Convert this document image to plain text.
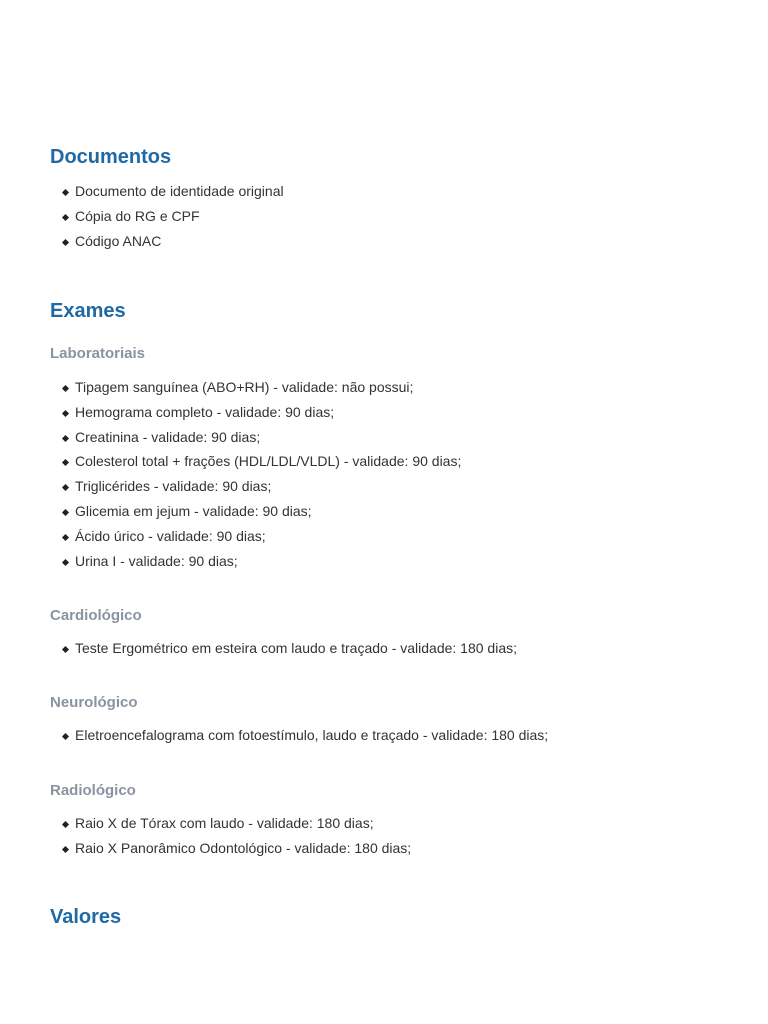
Documentos
Documento de identidade original
Cópia do RG e CPF
Código ANAC
Exames
Laboratoriais
Tipagem sanguínea (ABO+RH) - validade: não possui;
Hemograma completo - validade: 90 dias;
Creatinina - validade: 90 dias;
Colesterol total + frações (HDL/LDL/VLDL) - validade: 90 dias;
Triglicérides - validade: 90 dias;
Glicemia em jejum - validade: 90 dias;
Ácido úrico - validade: 90 dias;
Urina I - validade: 90 dias;
Cardiológico
Teste Ergométrico em esteira com laudo e traçado - validade: 180 dias;
Neurológico
Eletroencefalograma com fotoestímulo, laudo e traçado - validade: 180 dias;
Radiológico
Raio X de Tórax com laudo - validade: 180 dias;
Raio X Panorâmico Odontológico - validade: 180 dias;
Valores
